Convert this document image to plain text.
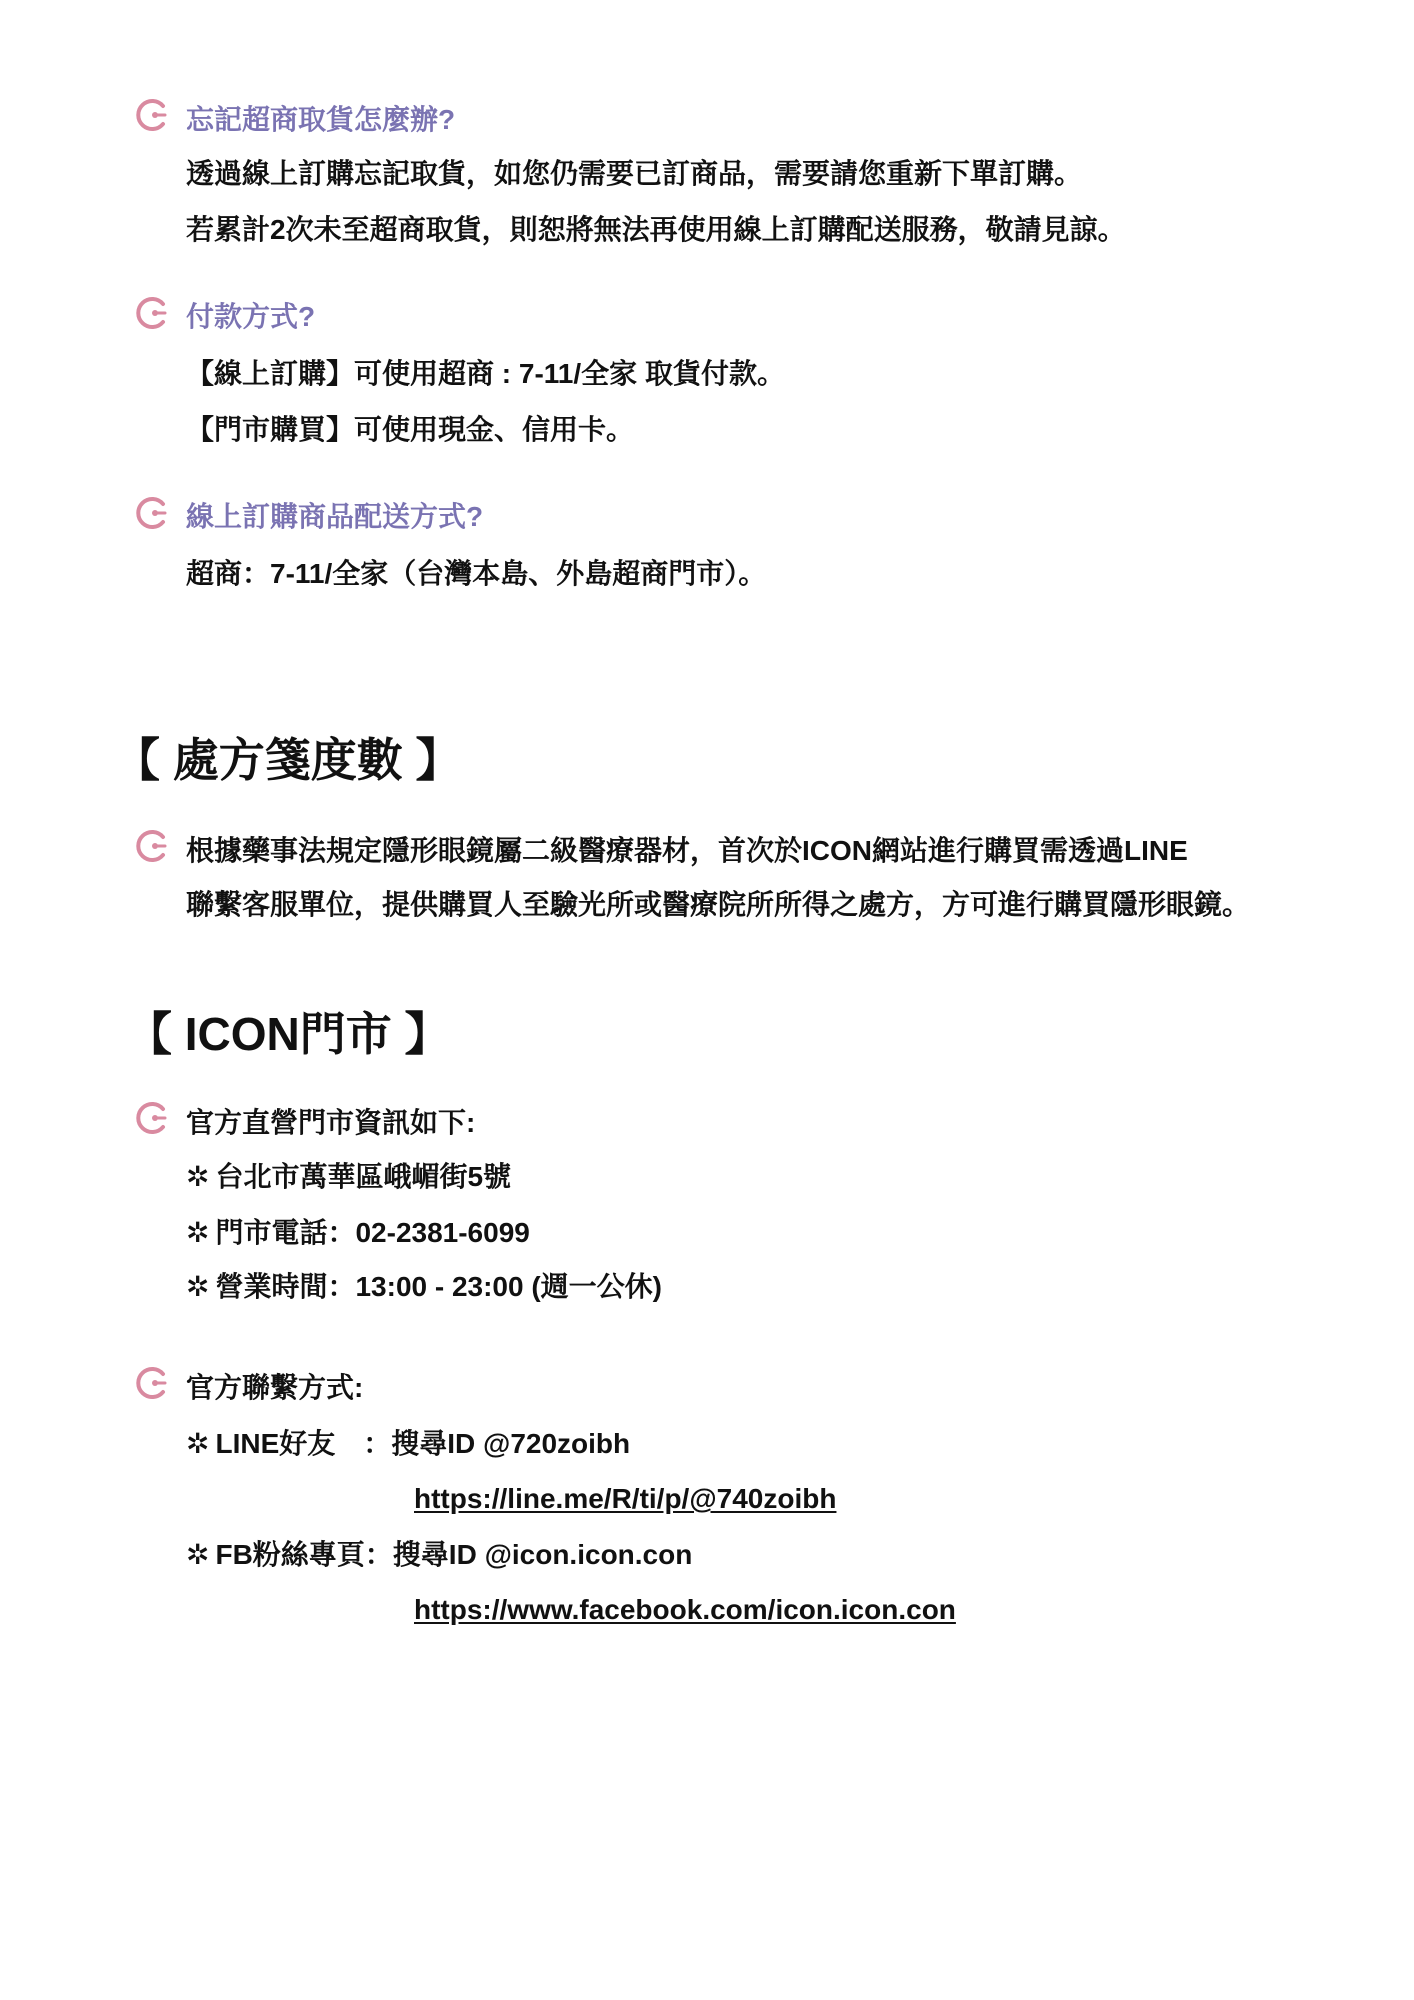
忘記超商取貨怎麼辦?
透過線上訂購忘記取貨，如您仍需要已訂商品，需要請您重新下單訂購。
若累計2次未至超商取貨，則恕將無法再使用線上訂購配送服務，敬請見諒。
付款方式?
【線上訂購】可使用超商 : 7-11/全家 取貨付款。
【門市購買】可使用現金、信用卡。
線上訂購商品配送方式?
超商：7-11/全家（台灣本島、外島超商門市）。
【 處方箋度數 】
根據藥事法規定隱形眼鏡屬二級醫療器材，首次於ICON網站進行購買需透過LINE
聯繫客服單位，提供購買人至驗光所或醫療院所所得之處方，方可進行購買隱形眼鏡。
【 ICON門市 】
官方直營門市資訊如下:
✲ 台北市萬華區峨嵋街5號
✲ 門市電話：02-2381-6099
✲ 營業時間：13:00 - 23:00 (週一公休)
官方聯繫方式:
✲ LINE好友　：搜尋ID @720zoibh
https://line.me/R/ti/p/@740zoibh
✲ FB粉絲專頁：搜尋ID @icon.icon.con
https://www.facebook.com/icon.icon.con
